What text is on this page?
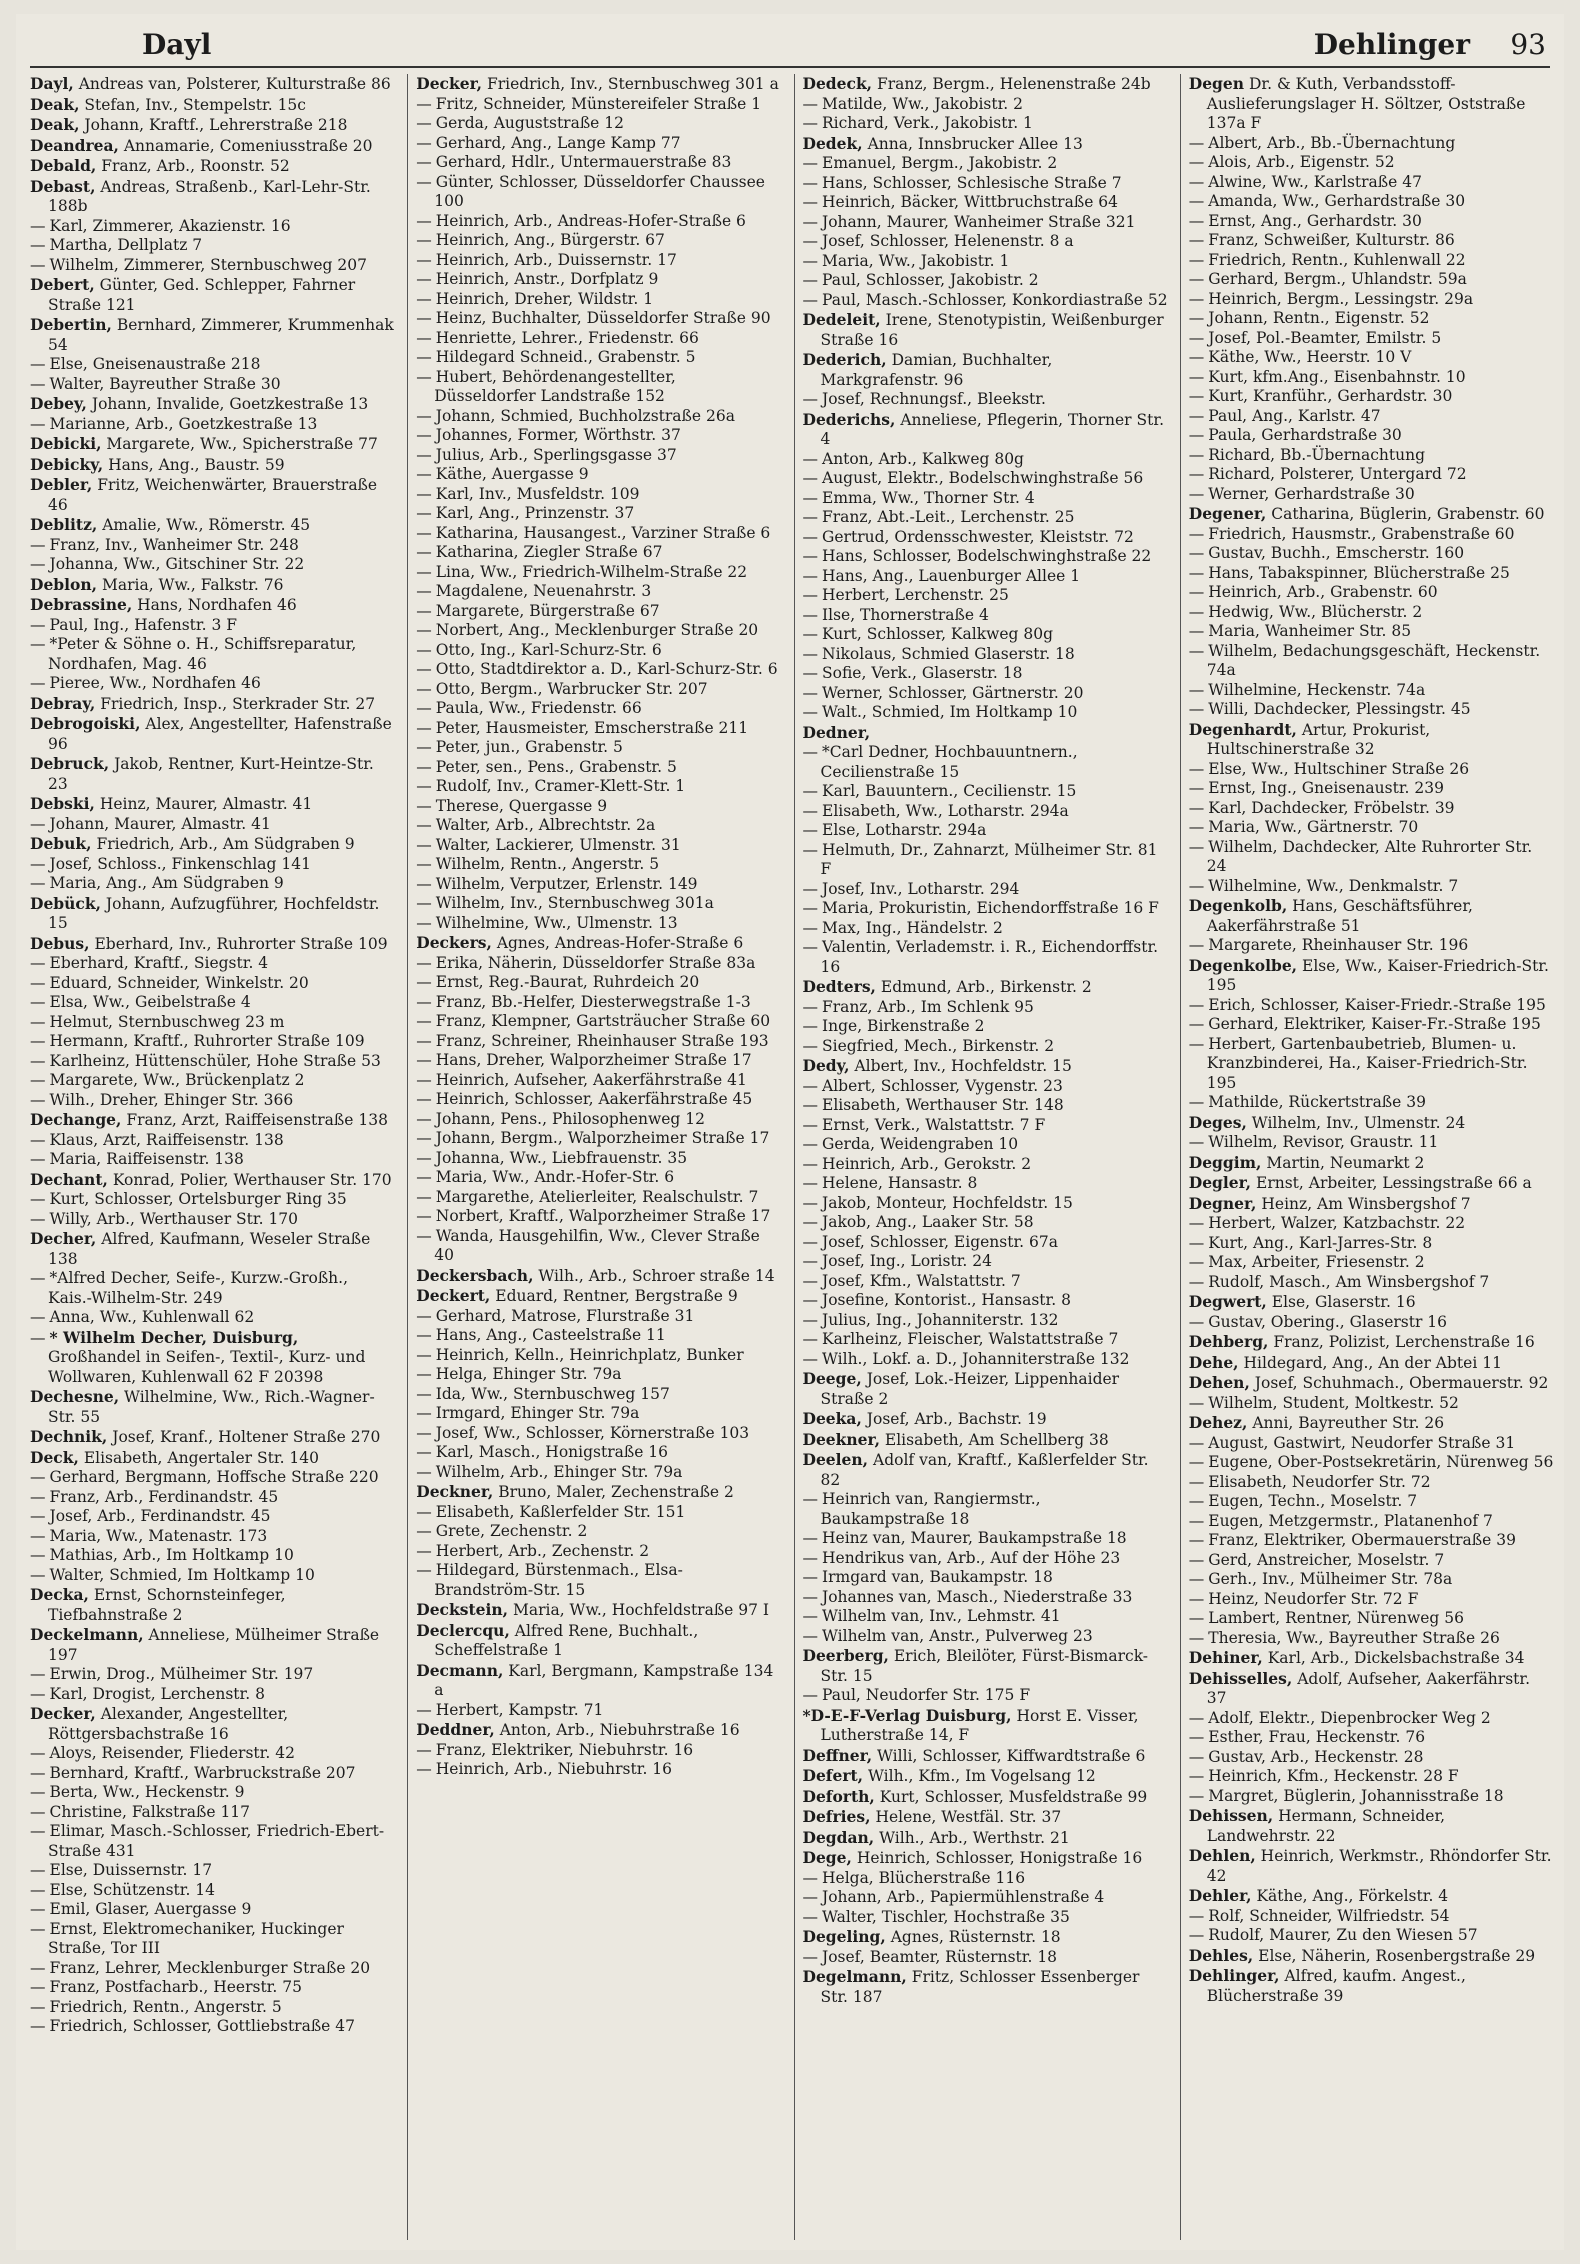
Dayl	Dehlinger 93

Dayl, Andreas van, Polsterer, Kulturstraße 86

Deak, Stefan, Inv., Stempelstr. 15c

Deak, Johann, Kraftf., Lehrerstraße 218

Deandrea, Annamarie, Comeniusstraße 20

Debald, Franz, Arb., Roonstr. 52

Debast, Andreas, Straßenb., Karl-Lehr-Str. 188b

— Karl, Zimmerer, Akazienstr. 16

— Martha, Dellplatz 7

— Wilhelm, Zimmerer, Sternbuschweg 207

Debert, Günter, Ged. Schlepper, Fahrner Straße 121

Debertin, Bernhard, Zimmerer, Krummenhak 54

— Else, Gneisenaustraße 218

— Walter, Bayreuther Straße 30

Debey, Johann, Invalide, Goetzkestraße 13

— Marianne, Arb., Goetzkestraße 13

Debicki, Margarete, Ww., Spicherstraße 77

Debicky, Hans, Ang., Baustr. 59

Debler, Fritz, Weichenwärter, Brauerstraße 46

Deblitz, Amalie, Ww., Römerstr. 45

— Franz, Inv., Wanheimer Str. 248

— Johanna, Ww., Gitschiner Str. 22

Deblon, Maria, Ww., Falkstr. 76

Debrassine, Hans, Nordhafen 46

— Paul, Ing., Hafenstr. 3 F

— *Peter & Söhne o. H., Schiffsreparatur, Nordhafen, Mag. 46

— Pieree, Ww., Nordhafen 46

Debray, Friedrich, Insp., Sterkrader Str. 27

Debrogoiski, Alex, Angestellter, Hafenstraße 96

Debruck, Jakob, Rentner, Kurt-Heintze-Str. 23

Debski, Heinz, Maurer, Almastr. 41

— Johann, Maurer, Almastr. 41

Debuk, Friedrich, Arb., Am Südgraben 9

— Josef, Schloss., Finkenschlag 141

— Maria, Ang., Am Südgraben 9

Debück, Johann, Aufzugführer, Hochfeldstr. 15

Debus, Eberhard, Inv., Ruhrorter Straße 109

— Eberhard, Kraftf., Siegstr. 4

— Eduard, Schneider, Winkelstr. 20

— Elsa, Ww., Geibelstraße 4

— Helmut, Sternbuschweg 23 m

— Hermann, Kraftf., Ruhrorter Straße 109

— Karlheinz, Hüttenschüler, Hohe Straße 53

— Margarete, Ww., Brückenplatz 2

— Wilh., Dreher, Ehinger Str. 366

Dechange, Franz, Arzt, Raiffeisenstraße 138

— Klaus, Arzt, Raiffeisenstr. 138

— Maria, Raiffeisenstr. 138

Dechant, Konrad, Polier, Werthauser Str. 170

— Kurt, Schlosser, Ortelsburger Ring 35

— Willy, Arb., Werthauser Str. 170

Decher, Alfred, Kaufmann, Weseler Straße 138

— *Alfred Decher, Seife-, Kurzw.-Großh., Kais.-Wilhelm-Str. 249

— Anna, Ww., Kuhlenwall 62

— * Wilhelm Decher, Duisburg, Großhandel in Seifen-, Textil-, Kurz- und Wollwaren, Kuhlenwall 62 F 20398

Dechesne, Wilhelmine, Ww., Rich.-Wagner-Str. 55

Dechnik, Josef, Kranf., Holtener Straße 270

Deck, Elisabeth, Angertaler Str. 140

— Gerhard, Bergmann, Hoffsche Straße 220

— Franz, Arb., Ferdinandstr. 45

— Josef, Arb., Ferdinandstr. 45

— Maria, Ww., Matenastr. 173

— Mathias, Arb., Im Holtkamp 10

— Walter, Schmied, Im Holtkamp 10

Decka, Ernst, Schornsteinfeger, Tiefbahnstraße 2

Deckelmann, Anneliese, Mülheimer Straße 197

— Erwin, Drog., Mülheimer Str. 197

— Karl, Drogist, Lerchenstr. 8

Decker, Alexander, Angestellter, Röttgersbachstraße 16

— Aloys, Reisender, Fliederstr. 42

— Bernhard, Kraftf., Warbruckstraße 207

— Berta, Ww., Heckenstr. 9

— Christine, Falkstraße 117

— Elimar, Masch.-Schlosser, Friedrich-Ebert-Straße 431

— Else, Duissernstr. 17

— Else, Schützenstr. 14

— Emil, Glaser, Auergasse 9

— Ernst, Elektromechaniker, Huckinger Straße, Tor III

— Franz, Lehrer, Mecklenburger Straße 20

— Franz, Postfacharb., Heerstr. 75

— Friedrich, Rentn., Angerstr. 5

— Friedrich, Schlosser, Gottliebstraße 47

Decker, Friedrich, Inv., Sternbuschweg 301 a

— Fritz, Schneider, Münstereifeler Straße 1

— Gerda, Auguststraße 12

— Gerhard, Ang., Lange Kamp 77

— Gerhard, Hdlr., Untermauerstraße 83

— Günter, Schlosser, Düsseldorfer Chaussee 100

— Heinrich, Arb., Andreas-Hofer-Straße 6

— Heinrich, Ang., Bürgerstr. 67

— Heinrich, Arb., Duissernstr. 17

— Heinrich, Anstr., Dorfplatz 9

— Heinrich, Dreher, Wildstr. 1

— Heinz, Buchhalter, Düsseldorfer Straße 90

— Henriette, Lehrer., Friedenstr. 66

— Hildegard Schneid., Grabenstr. 5

— Hubert, Behördenangestellter, Düsseldorfer Landstraße 152

— Johann, Schmied, Buchholzstraße 26a

— Johannes, Former, Wörthstr. 37

— Julius, Arb., Sperlingsgasse 37

— Käthe, Auergasse 9

— Karl, Inv., Musfeldstr. 109

— Karl, Ang., Prinzenstr. 37

— Katharina, Hausangest., Varziner Straße 6

— Katharina, Ziegler Straße 67

— Lina, Ww., Friedrich-Wilhelm-Straße 22

— Magdalene, Neuenahrstr. 3

— Margarete, Bürgerstraße 67

— Norbert, Ang., Mecklenburger Straße 20

— Otto, Ing., Karl-Schurz-Str. 6

— Otto, Stadtdirektor a. D., Karl-Schurz-Str. 6

— Otto, Bergm., Warbrucker Str. 207

— Paula, Ww., Friedenstr. 66

— Peter, Hausmeister, Emscherstraße 211

— Peter, jun., Grabenstr. 5

— Peter, sen., Pens., Grabenstr. 5

— Rudolf, Inv., Cramer-Klett-Str. 1

— Therese, Quergasse 9

— Walter, Arb., Albrechtstr. 2a

— Walter, Lackierer, Ulmenstr. 31

— Wilhelm, Rentn., Angerstr. 5

— Wilhelm, Verputzer, Erlenstr. 149

— Wilhelm, Inv., Sternbuschweg 301a

— Wilhelmine, Ww., Ulmenstr. 13

Deckers, Agnes, Andreas-Hofer-Straße 6

— Erika, Näherin, Düsseldorfer Straße 83a

— Ernst, Reg.-Baurat, Ruhrdeich 20

— Franz, Bb.-Helfer, Diesterwegstraße 1-3

— Franz, Klempner, Gartsträucher Straße 60

— Franz, Schreiner, Rheinhauser Straße 193

— Hans, Dreher, Walporzheimer Straße 17

— Heinrich, Aufseher, Aakerfährstraße 41

— Heinrich, Schlosser, Aakerfährstraße 45

— Johann, Pens., Philosophenweg 12

— Johann, Bergm., Walporzheimer Straße 17

— Johanna, Ww., Liebfrauenstr. 35

— Maria, Ww., Andr.-Hofer-Str. 6

— Margarethe, Atelierleiter, Realschulstr. 7

— Norbert, Kraftf., Walporzheimer Straße 17

— Wanda, Hausgehilfin, Ww., Clever Straße 40

Deckersbach, Wilh., Arb., Schroer straße 14

Deckert, Eduard, Rentner, Bergstraße 9

— Gerhard, Matrose, Flurstraße 31

— Hans, Ang., Casteelstraße 11

— Heinrich, Kelln., Heinrichplatz, Bunker

— Helga, Ehinger Str. 79a

— Ida, Ww., Sternbuschweg 157

— Irmgard, Ehinger Str. 79a

— Josef, Ww., Schlosser, Körnerstraße 103

— Karl, Masch., Honigstraße 16

— Wilhelm, Arb., Ehinger Str. 79a

Deckner, Bruno, Maler, Zechenstraße 2

— Elisabeth, Kaßlerfelder Str. 151

— Grete, Zechenstr. 2

— Herbert, Arb., Zechenstr. 2

— Hildegard, Bürstenmach., Elsa-Brandström-Str. 15

Deckstein, Maria, Ww., Hochfeldstraße 97 I

Declercqu, Alfred Rene, Buchhalt., Scheffelstraße 1

Decmann, Karl, Bergmann, Kampstraße 134 a

— Herbert, Kampstr. 71

Deddner, Anton, Arb., Niebuhrstraße 16

— Franz, Elektriker, Niebuhrstr. 16

— Heinrich, Arb., Niebuhrstr. 16

Dedeck, Franz, Bergm., Helenenstraße 24b

— Matilde, Ww., Jakobistr. 2

— Richard, Verk., Jakobistr. 1

Dedek, Anna, Innsbrucker Allee 13

— Emanuel, Bergm., Jakobistr. 2

— Hans, Schlosser, Schlesische Straße 7

— Heinrich, Bäcker, Wittbruchstraße 64

— Johann, Maurer, Wanheimer Straße 321

— Josef, Schlosser, Helenenstr. 8 a

— Maria, Ww., Jakobistr. 1

— Paul, Schlosser, Jakobistr. 2

— Paul, Masch.-Schlosser, Konkordiastraße 52

Dedeleit, Irene, Stenotypistin, Weißenburger Straße 16

Dederich, Damian, Buchhalter, Markgrafenstr. 96

— Josef, Rechnungsf., Bleekstr.

Dederichs, Anneliese, Pflegerin, Thorner Str. 4

— Anton, Arb., Kalkweg 80g

— August, Elektr., Bodelschwinghstraße 56

— Emma, Ww., Thorner Str. 4

— Franz, Abt.-Leit., Lerchenstr. 25

— Gertrud, Ordensschwester, Kleiststr. 72

— Hans, Schlosser, Bodelschwinghstraße 22

— Hans, Ang., Lauenburger Allee 1

— Herbert, Lerchenstr. 25

— Ilse, Thornerstraße 4

— Kurt, Schlosser, Kalkweg 80g

— Nikolaus, Schmied Glaserstr. 18

— Sofie, Verk., Glaserstr. 18

— Werner, Schlosser, Gärtnerstr. 20

— Walt., Schmied, Im Holtkamp 10

Dedner,

— *Carl Dedner, Hochbauuntnern., Cecilienstraße 15

— Karl, Bauuntern., Cecilienstr. 15

— Elisabeth, Ww., Lotharstr. 294a

— Else, Lotharstr. 294a

— Helmuth, Dr., Zahnarzt, Mülheimer Str. 81 F

— Josef, Inv., Lotharstr. 294

— Maria, Prokuristin, Eichendorffstraße 16 F

— Max, Ing., Händelstr. 2

— Valentin, Verlademstr. i. R., Eichendorffstr. 16

Dedters, Edmund, Arb., Birkenstr. 2

— Franz, Arb., Im Schlenk 95

— Inge, Birkenstraße 2

— Siegfried, Mech., Birkenstr. 2

Dedy, Albert, Inv., Hochfeldstr. 15

— Albert, Schlosser, Vygenstr. 23

— Elisabeth, Werthauser Str. 148

— Ernst, Verk., Walstattstr. 7 F

— Gerda, Weidengraben 10

— Heinrich, Arb., Gerokstr. 2

— Helene, Hansastr. 8

— Jakob, Monteur, Hochfeldstr. 15

— Jakob, Ang., Laaker Str. 58

— Josef, Schlosser, Eigenstr. 67a

— Josef, Ing., Loristr. 24

— Josef, Kfm., Walstattstr. 7

— Josefine, Kontorist., Hansastr. 8

— Julius, Ing., Johanniterstr. 132

— Karlheinz, Fleischer, Walstattstraße 7

— Wilh., Lokf. a. D., Johanniterstraße 132

Deege, Josef, Lok.-Heizer, Lippenhaider Straße 2

Deeka, Josef, Arb., Bachstr. 19

Deekner, Elisabeth, Am Schellberg 38

Deelen, Adolf van, Kraftf., Kaßlerfelder Str. 82

— Heinrich van, Rangiermstr., Baukampstraße 18

— Heinz van, Maurer, Baukampstraße 18

— Hendrikus van, Arb., Auf der Höhe 23

— Irmgard van, Baukampstr. 18

— Johannes van, Masch., Niederstraße 33

— Wilhelm van, Inv., Lehmstr. 41

— Wilhelm van, Anstr., Pulverweg 23

Deerberg, Erich, Bleilöter, Fürst-Bismarck-Str. 15

— Paul, Neudorfer Str. 175 F

*D-E-F-Verlag Duisburg, Horst E. Visser, Lutherstraße 14, F

Deffner, Willi, Schlosser, Kiffwardtstraße 6

Defert, Wilh., Kfm., Im Vogelsang 12

Deforth, Kurt, Schlosser, Musfeldstraße 99

Defries, Helene, Westfäl. Str. 37

Degdan, Wilh., Arb., Werthstr. 21

Dege, Heinrich, Schlosser, Honigstraße 16

— Helga, Blücherstraße 116

— Johann, Arb., Papiermühlenstraße 4

— Walter, Tischler, Hochstraße 35

Degeling, Agnes, Rüsternstr. 18

— Josef, Beamter, Rüsternstr. 18

Degelmann, Fritz, Schlosser Essenberger Str. 187

Degen Dr. & Kuth, Verbandsstoff-Auslieferungslager H. Söltzer, Oststraße 137a F

— Albert, Arb., Bb.-Übernachtung

— Alois, Arb., Eigenstr. 52

— Alwine, Ww., Karlstraße 47

— Amanda, Ww., Gerhardstraße 30

— Ernst, Ang., Gerhardstr. 30

— Franz, Schweißer, Kulturstr. 86

— Friedrich, Rentn., Kuhlenwall 22

— Gerhard, Bergm., Uhlandstr. 59a

— Heinrich, Bergm., Lessingstr. 29a

— Johann, Rentn., Eigenstr. 52

— Josef, Pol.-Beamter, Emilstr. 5

— Käthe, Ww., Heerstr. 10 V

— Kurt, kfm.Ang., Eisenbahnstr. 10

— Kurt, Kranführ., Gerhardstr. 30

— Paul, Ang., Karlstr. 47

— Paula, Gerhardstraße 30

— Richard, Bb.-Übernachtung

— Richard, Polsterer, Untergard 72

— Werner, Gerhardstraße 30

Degener, Catharina, Büglerin, Grabenstr. 60

— Friedrich, Hausmstr., Grabenstraße 60

— Gustav, Buchh., Emscherstr. 160

— Hans, Tabakspinner, Blücherstraße 25

— Heinrich, Arb., Grabenstr. 60

— Hedwig, Ww., Blücherstr. 2

— Maria, Wanheimer Str. 85

— Wilhelm, Bedachungsgeschäft, Heckenstr. 74a

— Wilhelmine, Heckenstr. 74a

— Willi, Dachdecker, Plessingstr. 45

Degenhardt, Artur, Prokurist, Hultschinerstraße 32

— Else, Ww., Hultschiner Straße 26

— Ernst, Ing., Gneisenaustr. 239

— Karl, Dachdecker, Fröbelstr. 39

— Maria, Ww., Gärtnerstr. 70

— Wilhelm, Dachdecker, Alte Ruhrorter Str. 24

— Wilhelmine, Ww., Denkmalstr. 7

Degenkolb, Hans, Geschäftsführer, Aakerfährstraße 51

— Margarete, Rheinhauser Str. 196

Degenkolbe, Else, Ww., Kaiser-Friedrich-Str. 195

— Erich, Schlosser, Kaiser-Friedr.-Straße 195

— Gerhard, Elektriker, Kaiser-Fr.-Straße 195

— Herbert, Gartenbaubetrieb, Blumen- u. Kranzbinderei, Ha., Kaiser-Friedrich-Str. 195

— Mathilde, Rückertstraße 39

Deges, Wilhelm, Inv., Ulmenstr. 24

— Wilhelm, Revisor, Graustr. 11

Deggim, Martin, Neumarkt 2

Degler, Ernst, Arbeiter, Lessingstraße 66 a

Degner, Heinz, Am Winsbergshof 7

— Herbert, Walzer, Katzbachstr. 22

— Kurt, Ang., Karl-Jarres-Str. 8

— Max, Arbeiter, Friesenstr. 2

— Rudolf, Masch., Am Winsbergshof 7

Degwert, Else, Glaserstr. 16

— Gustav, Obering., Glaserstr 16

Dehberg, Franz, Polizist, Lerchenstraße 16

Dehe, Hildegard, Ang., An der Abtei 11

Dehen, Josef, Schuhmach., Obermauerstr. 92

— Wilhelm, Student, Moltkestr. 52

Dehez, Anni, Bayreuther Str. 26

— August, Gastwirt, Neudorfer Straße 31

— Eugene, Ober-Postsekretärin, Nürenweg 56

— Elisabeth, Neudorfer Str. 72

— Eugen, Techn., Moselstr. 7

— Eugen, Metzgermstr., Platanenhof 7

— Franz, Elektriker, Obermauerstraße 39

— Gerd, Anstreicher, Moselstr. 7

— Gerh., Inv., Mülheimer Str. 78a

— Heinz, Neudorfer Str. 72 F

— Lambert, Rentner, Nürenweg 56

— Theresia, Ww., Bayreuther Straße 26

Dehiner, Karl, Arb., Dickelsbachstraße 34

Dehisselles, Adolf, Aufseher, Aakerfährstr. 37

— Adolf, Elektr., Diepenbrocker Weg 2

— Esther, Frau, Heckenstr. 76

— Gustav, Arb., Heckenstr. 28

— Heinrich, Kfm., Heckenstr. 28 F

— Margret, Büglerin, Johannisstraße 18

Dehissen, Hermann, Schneider, Landwehrstr. 22

Dehlen, Heinrich, Werkmstr., Rhöndorfer Str. 42

Dehler, Käthe, Ang., Förkelstr. 4

— Rolf, Schneider, Wilfriedstr. 54

— Rudolf, Maurer, Zu den Wiesen 57

Dehles, Else, Näherin, Rosenbergstraße 29

Dehlinger, Alfred, kaufm. Angest., Blücherstraße 39
